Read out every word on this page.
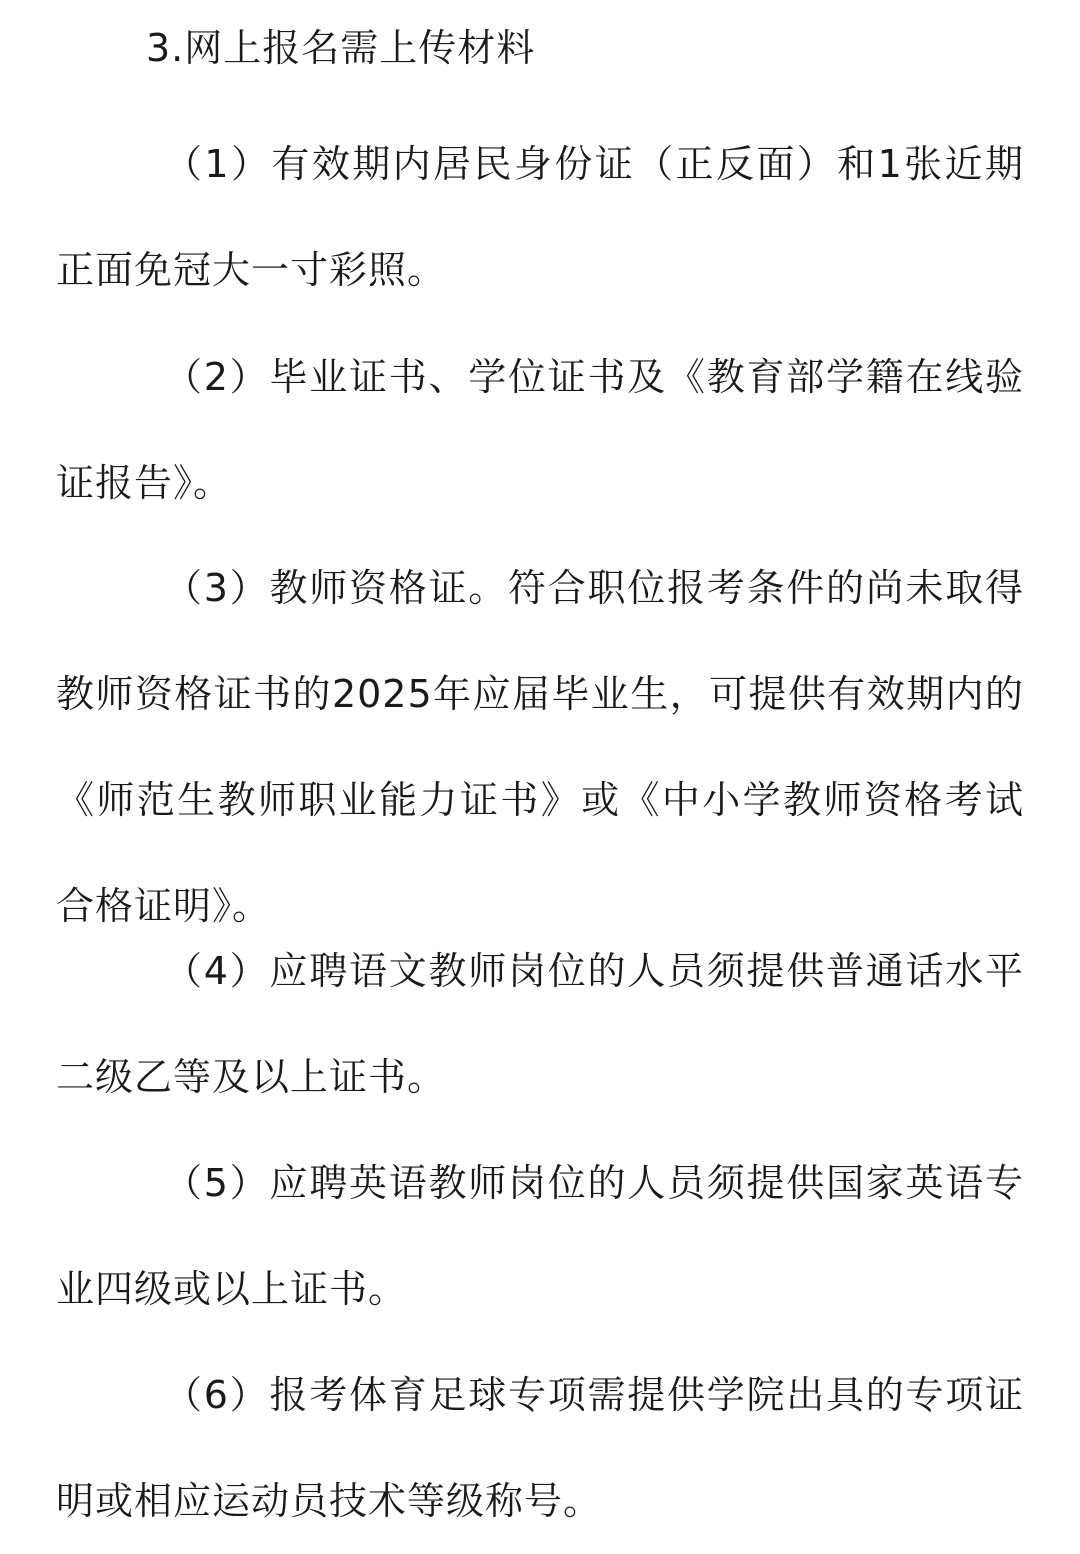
3.网上报名需上传材料

（1）有效期内居民身份证（正反面）和1张近期正面免冠大一寸彩照。

（2）毕业证书、学位证书及《教育部学籍在线验证报告》。

（3）教师资格证。符合职位报考条件的尚未取得教师资格证书的2025年应届毕业生，可提供有效期内的《师范生教师职业能力证书》或《中小学教师资格考试合格证明》。

（4）应聘语文教师岗位的人员须提供普通话水平二级乙等及以上证书。

（5）应聘英语教师岗位的人员须提供国家英语专业四级或以上证书。

（6）报考体育足球专项需提供学院出具的专项证明或相应运动员技术等级称号。
